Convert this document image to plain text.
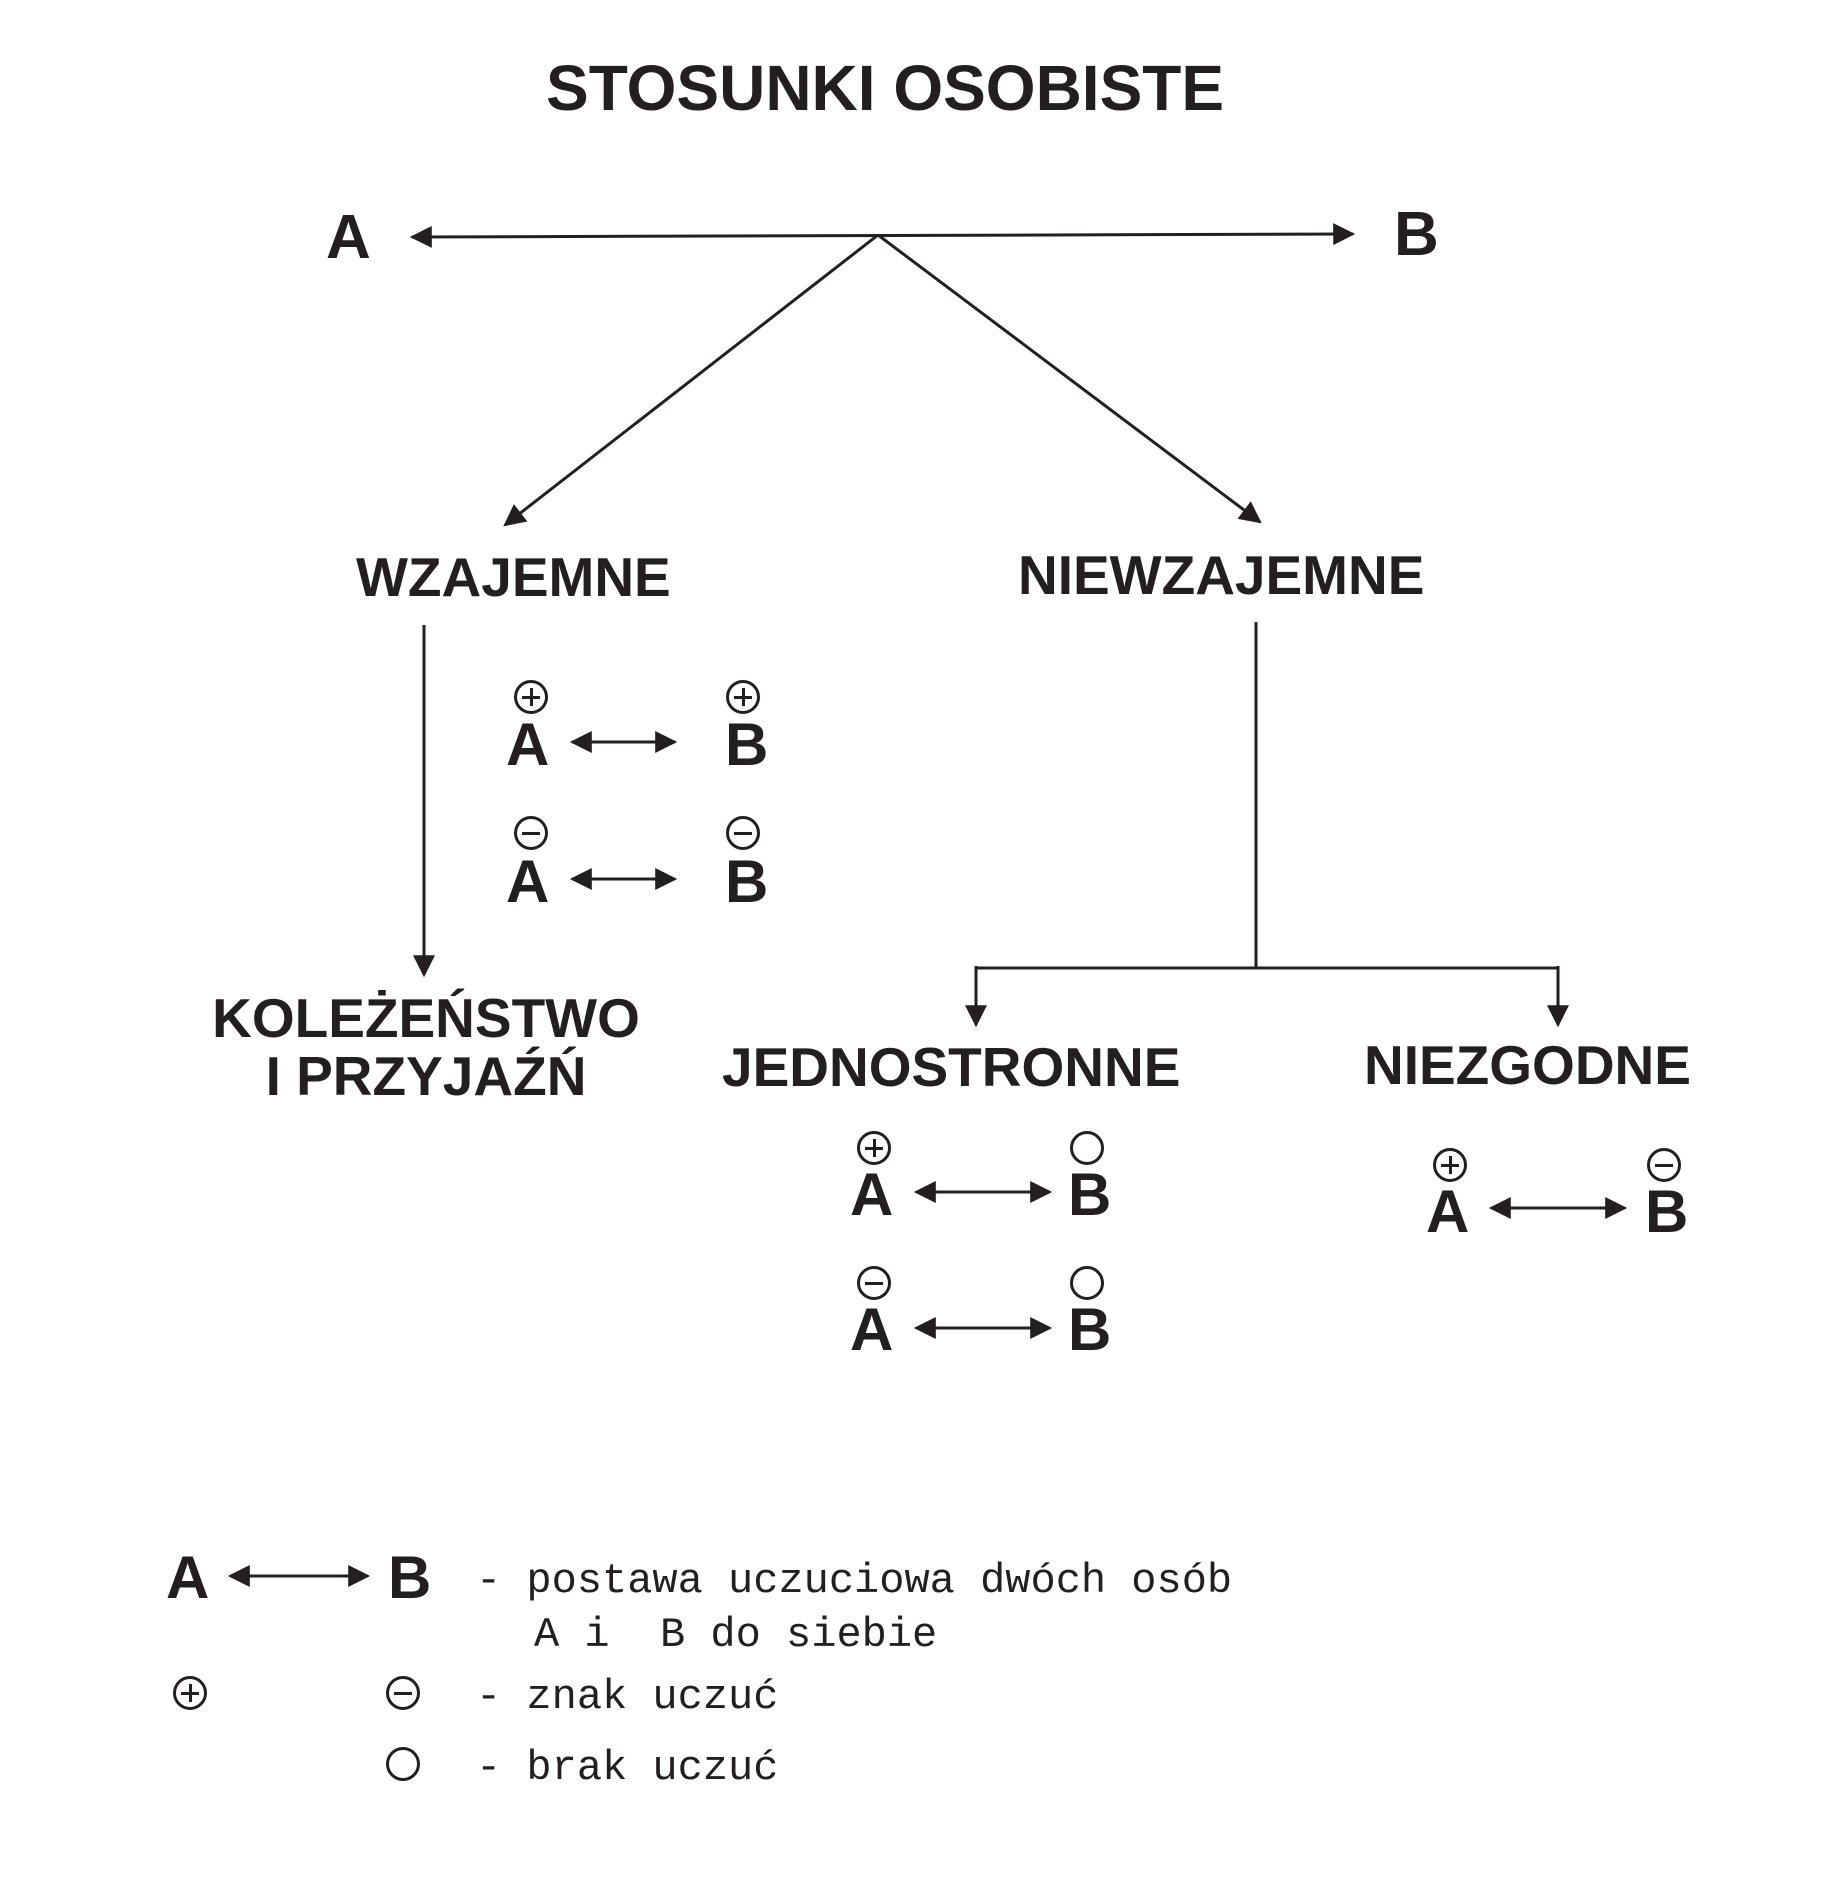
STOSUNKI OSOBISTE
A	B
WZAJEMNE	NIEWZAJEMNE
A	B
A	B
KOLEŻEŃSTWO
I PRZYJAŹŃ	JEDNOSTRONNE	NIEZGODNE
A	B
A	B
A	B
A	B - postawa uczuciowa dwóch osób
A i  B do siebie
- znak uczuć
- brak uczuć
